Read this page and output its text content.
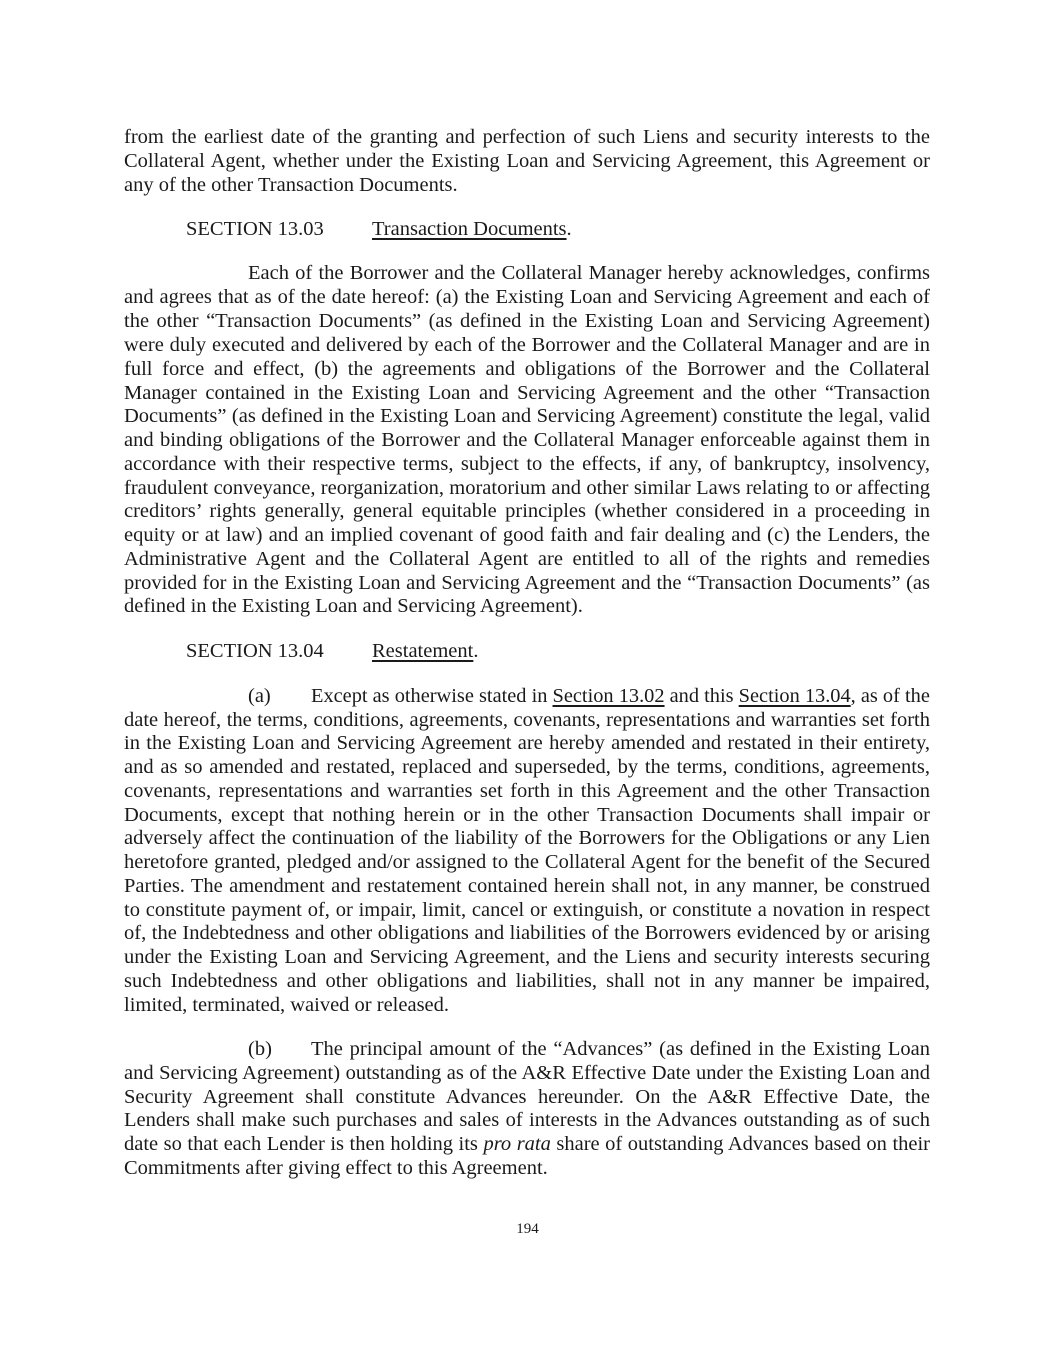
from the earliest date of the granting and perfection of such Liens and security interests to the
Collateral Agent, whether under the Existing Loan and Servicing Agreement, this Agreement or
any of the other Transaction Documents.
SECTION 13.03 Transaction Documents.
Each of the Borrower and the Collateral Manager hereby acknowledges, confirms
and agrees that as of the date hereof: (a) the Existing Loan and Servicing Agreement and each of
the other “Transaction Documents” (as defined in the Existing Loan and Servicing Agreement)
were duly executed and delivered by each of the Borrower and the Collateral Manager and are in
full force and effect, (b) the agreements and obligations of the Borrower and the Collateral
Manager contained in the Existing Loan and Servicing Agreement and the other “Transaction
Documents” (as defined in the Existing Loan and Servicing Agreement) constitute the legal, valid
and binding obligations of the Borrower and the Collateral Manager enforceable against them in
accordance with their respective terms, subject to the effects, if any, of bankruptcy, insolvency,
fraudulent conveyance, reorganization, moratorium and other similar Laws relating to or affecting
creditors’ rights generally, general equitable principles (whether considered in a proceeding in
equity or at law) and an implied covenant of good faith and fair dealing and (c) the Lenders, the
Administrative Agent and the Collateral Agent are entitled to all of the rights and remedies
provided for in the Existing Loan and Servicing Agreement and the “Transaction Documents” (as
defined in the Existing Loan and Servicing Agreement).
SECTION 13.04 Restatement.
(a) Except as otherwise stated in Section 13.02 and this Section 13.04, as of the
date hereof, the terms, conditions, agreements, covenants, representations and warranties set forth
in the Existing Loan and Servicing Agreement are hereby amended and restated in their entirety,
and as so amended and restated, replaced and superseded, by the terms, conditions, agreements,
covenants, representations and warranties set forth in this Agreement and the other Transaction
Documents, except that nothing herein or in the other Transaction Documents shall impair or
adversely affect the continuation of the liability of the Borrowers for the Obligations or any Lien
heretofore granted, pledged and/or assigned to the Collateral Agent for the benefit of the Secured
Parties. The amendment and restatement contained herein shall not, in any manner, be construed
to constitute payment of, or impair, limit, cancel or extinguish, or constitute a novation in respect
of, the Indebtedness and other obligations and liabilities of the Borrowers evidenced by or arising
under the Existing Loan and Servicing Agreement, and the Liens and security interests securing
such Indebtedness and other obligations and liabilities, shall not in any manner be impaired,
limited, terminated, waived or released.
(b) The principal amount of the “Advances” (as defined in the Existing Loan
and Servicing Agreement) outstanding as of the A&R Effective Date under the Existing Loan and
Security Agreement shall constitute Advances hereunder. On the A&R Effective Date, the
Lenders shall make such purchases and sales of interests in the Advances outstanding as of such
date so that each Lender is then holding its pro rata share of outstanding Advances based on their
Commitments after giving effect to this Agreement.
194
